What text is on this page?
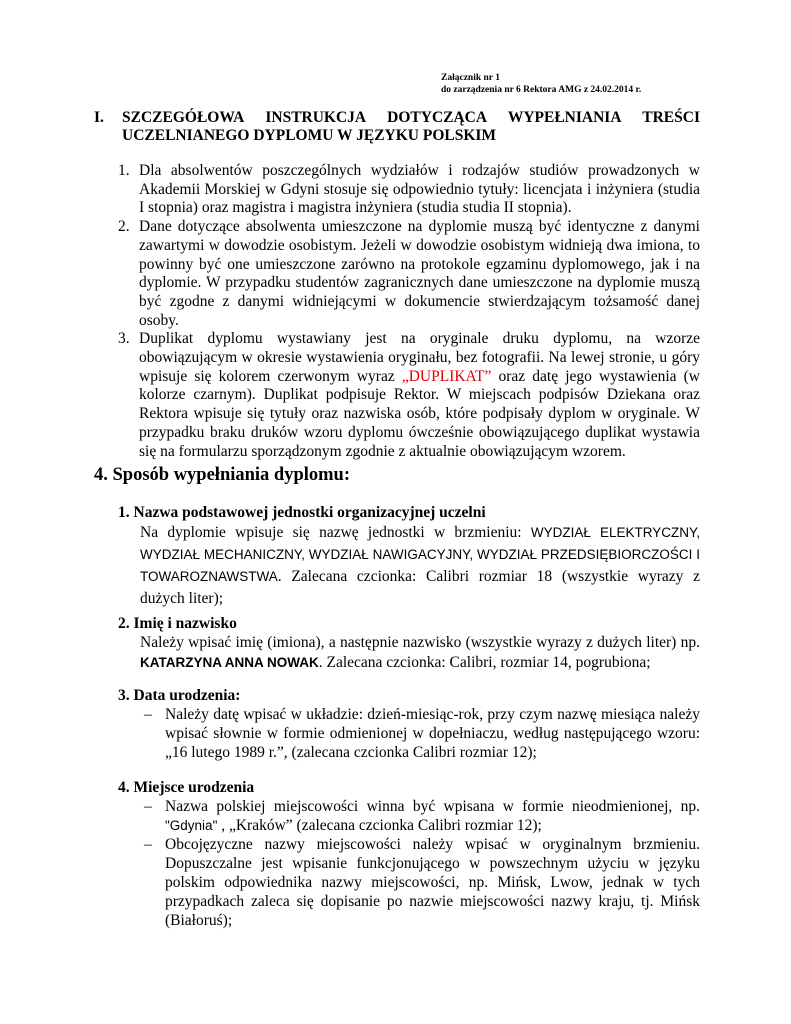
Załącznik nr 1
do zarządzenia nr 6 Rektora AMG z 24.02.2014 r.
I. SZCZEGÓŁOWA INSTRUKCJA DOTYCZĄCA WYPEŁNIANIA TREŚCI UCZELNIANEGO DYPLOMU W JĘZYKU POLSKIM
1. Dla absolwentów poszczególnych wydziałów i rodzajów studiów prowadzonych w Akademii Morskiej w Gdyni stosuje się odpowiednio tytuły: licencjata i inżyniera (studia I stopnia) oraz magistra i magistra inżyniera (studia studia II stopnia).
2. Dane dotyczące absolwenta umieszczone na dyplomie muszą być identyczne z danymi zawartymi w dowodzie osobistym. Jeżeli w dowodzie osobistym widnieją dwa imiona, to powinny być one umieszczone zarówno na protokole egzaminu dyplomowego, jak i na dyplomie. W przypadku studentów zagranicznych dane umieszczone na dyplomie muszą być zgodne z danymi widniejącymi w dokumencie stwierdzającym tożsamość danej osoby.
3. Duplikat dyplomu wystawiany jest na oryginale druku dyplomu, na wzorze obowiązującym w okresie wystawienia oryginału, bez fotografii. Na lewej stronie, u góry wpisuje się kolorem czerwonym wyraz „DUPLIKAT” oraz datę jego wystawienia (w kolorze czarnym). Duplikat podpisuje Rektor. W miejscach podpisów Dziekana oraz Rektora wpisuje się tytuły oraz nazwiska osób, które podpisały dyplom w oryginale. W przypadku braku druków wzoru dyplomu ówcześnie obowiązującego duplikat wystawia się na formularzu sporządzonym zgodnie z aktualnie obowiązującym wzorem.
4. Sposób wypełniania dyplomu:
1. Nazwa podstawowej jednostki organizacyjnej uczelni
Na dyplomie wpisuje się nazwę jednostki w brzmieniu: WYDZIAŁ ELEKTRYCZNY, WYDZIAŁ MECHANICZNY, WYDZIAŁ NAWIGACYJNY, WYDZIAŁ PRZEDSIĘBIORCZOŚCI I TOWAROZNAWSTWA. Zalecana czcionka: Calibri rozmiar 18 (wszystkie wyrazy z dużych liter);
2. Imię i nazwisko
Należy wpisać imię (imiona), a następnie nazwisko (wszystkie wyrazy z dużych liter) np. KATARZYNA ANNA NOWAK. Zalecana czcionka: Calibri, rozmiar 14, pogrubiona;
3. Data urodzenia:
– Należy datę wpisać w układzie: dzień-miesiąc-rok, przy czym nazwę miesiąca należy wpisać słownie w formie odmienionej w dopełniaczu, według następującego wzoru: „16 lutego 1989 r.”, (zalecana czcionka Calibri rozmiar 12);
4. Miejsce urodzenia
– Nazwa polskiej miejscowości winna być wpisana w formie nieodmienionej, np. "Gdynia" , „Kraków” (zalecana czcionka Calibri rozmiar 12);
– Obcojęzyczne nazwy miejscowości należy wpisać w oryginalnym brzmieniu. Dopuszczalne jest wpisanie funkcjonującego w powszechnym użyciu w języku polskim odpowiednika nazwy miejscowości, np. Mińsk, Lwow, jednak w tych przypadkach zaleca się dopisanie po nazwie miejscowości nazwy kraju, tj. Mińsk (Białoruś);
